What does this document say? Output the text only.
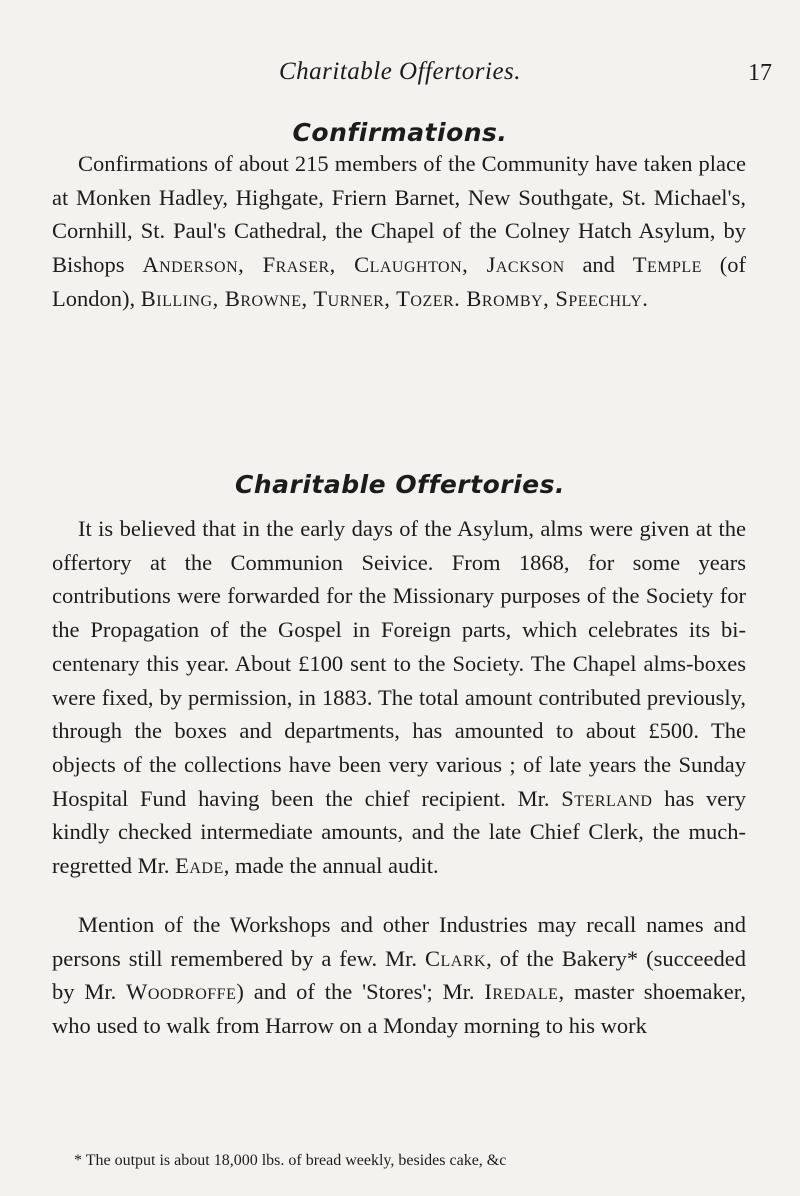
Charitable Offertories.	17
Confirmations.

Confirmations of about 215 members of the Community have taken place at Monken Hadley, Highgate, Friern Barnet, New Southgate, St. Michael's, Cornhill, St. Paul's Cathedral, the Chapel of the Colney Hatch Asylum, by Bishops Anderson, Fraser, Claughton, Jackson and Temple (of London), Billing, Browne, Turner, Tozer. Bromby, Speechly.

Charitable Offertories.

It is believed that in the early days of the Asylum, alms were given at the offertory at the Communion Seivice. From 1868, for some years contributions were forwarded for the Missionary purposes of the Society for the Propagation of the Gospel in Foreign parts, which celebrates its bi-centenary this year. About £100 sent to the Society. The Chapel alms-boxes were fixed, by permission, in 1883. The total amount contributed previously, through the boxes and departments, has amounted to about £500. The objects of the collections have been very various ; of late years the Sunday Hospital Fund having been the chief recipient. Mr. Sterland has very kindly checked intermediate amounts, and the late Chief Clerk, the much-regretted Mr. Eade, made the annual audit.

Mention of the Workshops and other Industries may recall names and persons still remembered by a few. Mr. Clark, of the Bakery* (succeeded by Mr. Woodroffe) and of the 'Stores'; Mr. Iredale, master shoemaker, who used to walk from Harrow on a Monday morning to his work

* The output is about 18,000 lbs. of bread weekly, besides cake, &c
